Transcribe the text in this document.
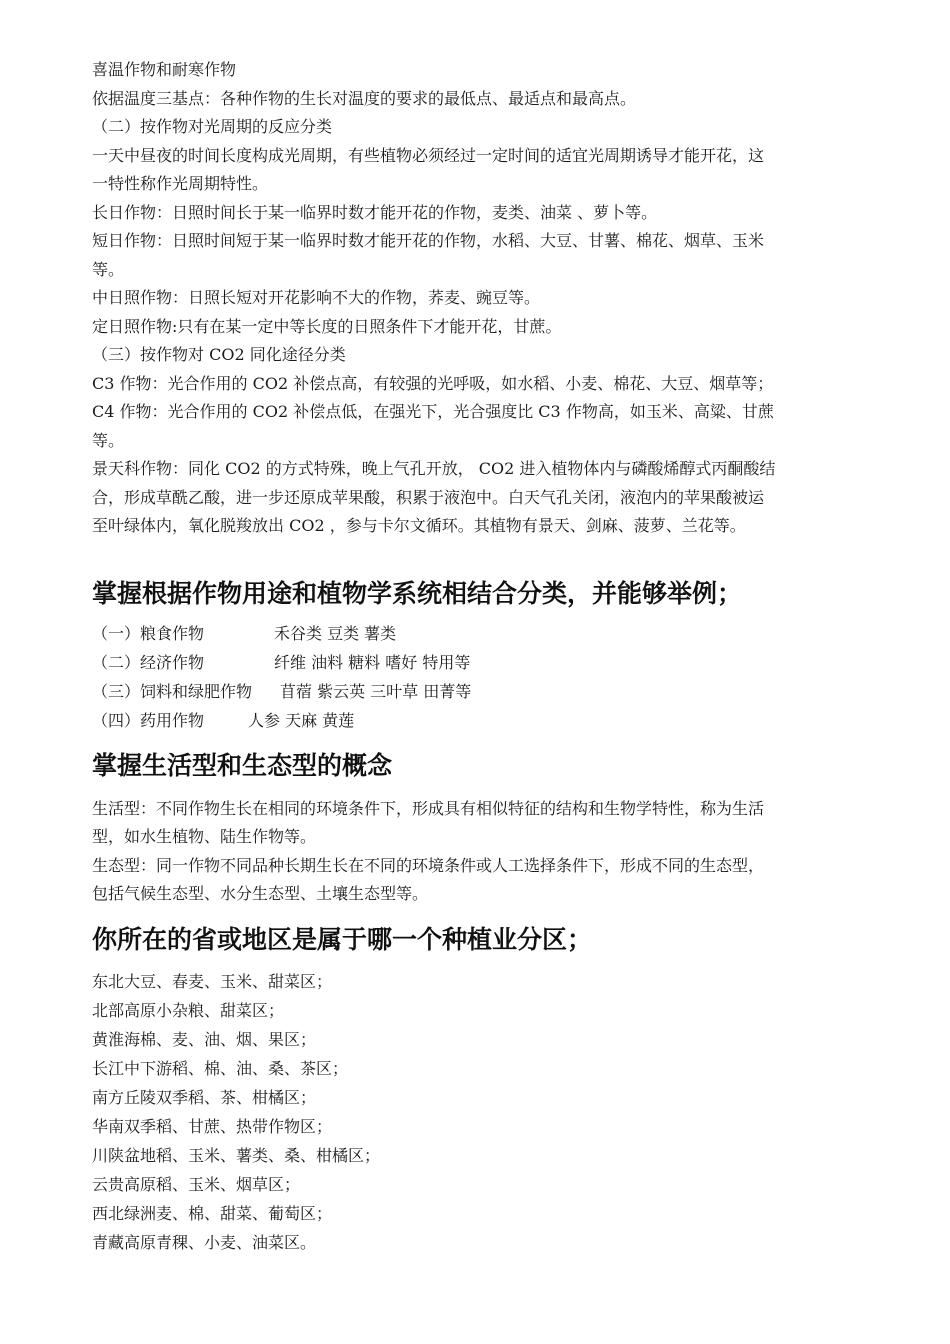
喜温作物和耐寒作物

依据温度三基点：各种作物的生长对温度的要求的最低点、最适点和最高点。

（二）按作物对光周期的反应分类

一天中昼夜的时间长度构成光周期，有些植物必须经过一定时间的适宜光周期诱导才能开花，这

一特性称作光周期特性。

长日作物：日照时间长于某一临界时数才能开花的作物，麦类、油菜 、萝卜等。

短日作物：日照时间短于某一临界时数才能开花的作物，水稻、大豆、甘薯、棉花、烟草、玉米

等。

中日照作物：日照长短对开花影响不大的作物，荞麦、豌豆等。

定日照作物:只有在某一定中等长度的日照条件下才能开花，甘蔗。

（三）按作物对 CO2 同化途径分类

C3 作物：光合作用的 CO2 补偿点高，有较强的光呼吸，如水稻、小麦、棉花、大豆、烟草等；

C4 作物：光合作用的 CO2 补偿点低，在强光下，光合强度比 C3 作物高，如玉米、高粱、甘蔗

等。

景天科作物：同化 CO2 的方式特殊，晚上气孔开放， CO2 进入植物体内与磷酸烯醇式丙酮酸结

合，形成草酰乙酸，进一步还原成苹果酸，积累于液泡中。白天气孔关闭，液泡内的苹果酸被运

至叶绿体内，氧化脱羧放出 CO2 ，参与卡尔文循环。其植物有景天、剑麻、菠萝、兰花等。

掌握根据作物用途和植物学系统相结合分类，并能够举例；
（一）粮食作物	禾谷类 豆类 薯类
（二）经济作物	纤维 油料 糖料 嗜好 特用等
（三）饲料和绿肥作物	苜蓿 紫云英 三叶草 田菁等
（四）药用作物	人参 天麻 黄莲
掌握生活型和生态型的概念

生活型：不同作物生长在相同的环境条件下，形成具有相似特征的结构和生物学特性，称为生活

型，如水生植物、陆生作物等。

生态型：同一作物不同品种长期生长在不同的环境条件或人工选择条件下，形成不同的生态型，

包括气候生态型、水分生态型、土壤生态型等。

你所在的省或地区是属于哪一个种植业分区；

东北大豆、春麦、玉米、甜菜区；

北部高原小杂粮、甜菜区；

黄淮海棉、麦、油、烟、果区；

长江中下游稻、棉、油、桑、茶区；

南方丘陵双季稻、茶、柑橘区；

华南双季稻、甘蔗、热带作物区；

川陕盆地稻、玉米、薯类、桑、柑橘区；

云贵高原稻、玉米、烟草区；

西北绿洲麦、棉、甜菜、葡萄区；

青藏高原青稞、小麦、油菜区。
